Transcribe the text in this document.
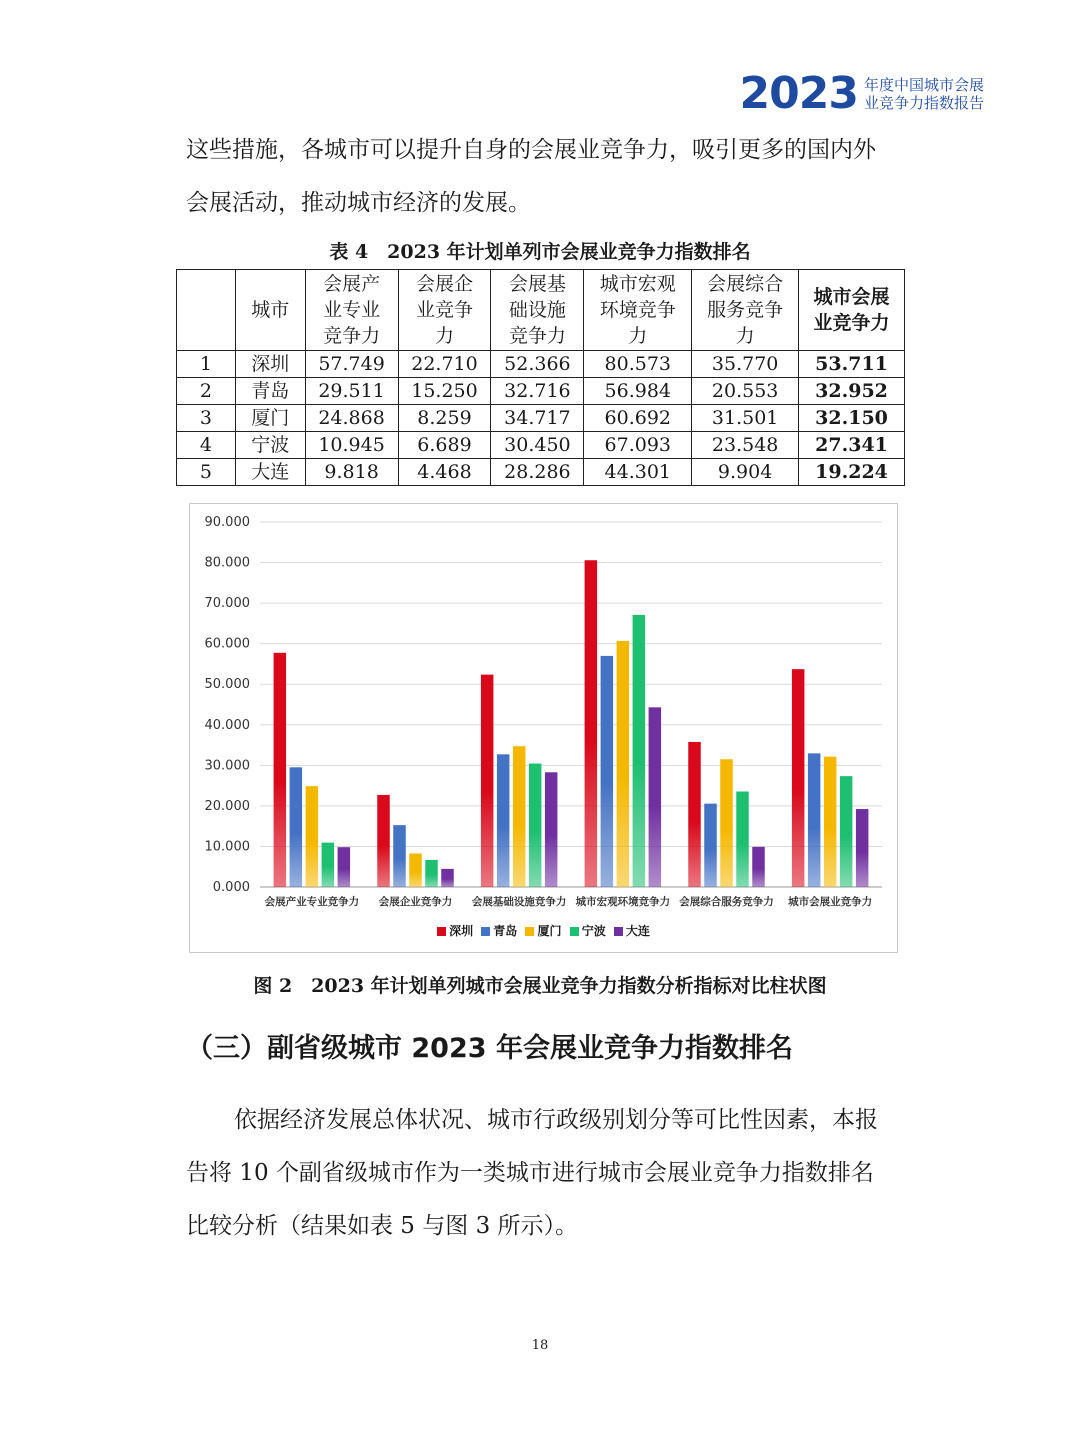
2023 年度中国城市会展
业竞争力指数报告

这些措施，各城市可以提升自身的会展业竞争力，吸引更多的国内外会展活动，推动城市经济的发展。

表 4　2023 年计划单列市会展业竞争力指数排名
	城市	会展产业专业竞争力	会展企业竞争力	会展基础设施竞争力	城市宏观环境竞争力	会展综合服务竞争力	城市会展业竞争力
1	深圳	57.749	22.710	52.366	80.573	35.770	53.711
2	青岛	29.511	15.250	32.716	56.984	20.553	32.952
3	厦门	24.868	8.259	34.717	60.692	31.501	32.150
4	宁波	10.945	6.689	30.450	67.093	23.548	27.341
5	大连	9.818	4.468	28.286	44.301	9.904	19.224
0.000
10.000
20.000
30.000
40.000
50.000
60.000
70.000
80.000
90.000
会展产业专业竞争力 会展企业竞争力 会展基础设施竞争力 城市宏观环境竞争力 会展综合服务竞争力 城市会展业竞争力
深圳 青岛 厦门 宁波 大连
图 2　2023 年计划单列城市会展业竞争力指数分析指标对比柱状图
（三）副省级城市 2023 年会展业竞争力指数排名

依据经济发展总体状况、城市行政级别划分等可比性因素，本报告将 10 个副省级城市作为一类城市进行城市会展业竞争力指数排名比较分析（结果如表 5 与图 3 所示）。

18
